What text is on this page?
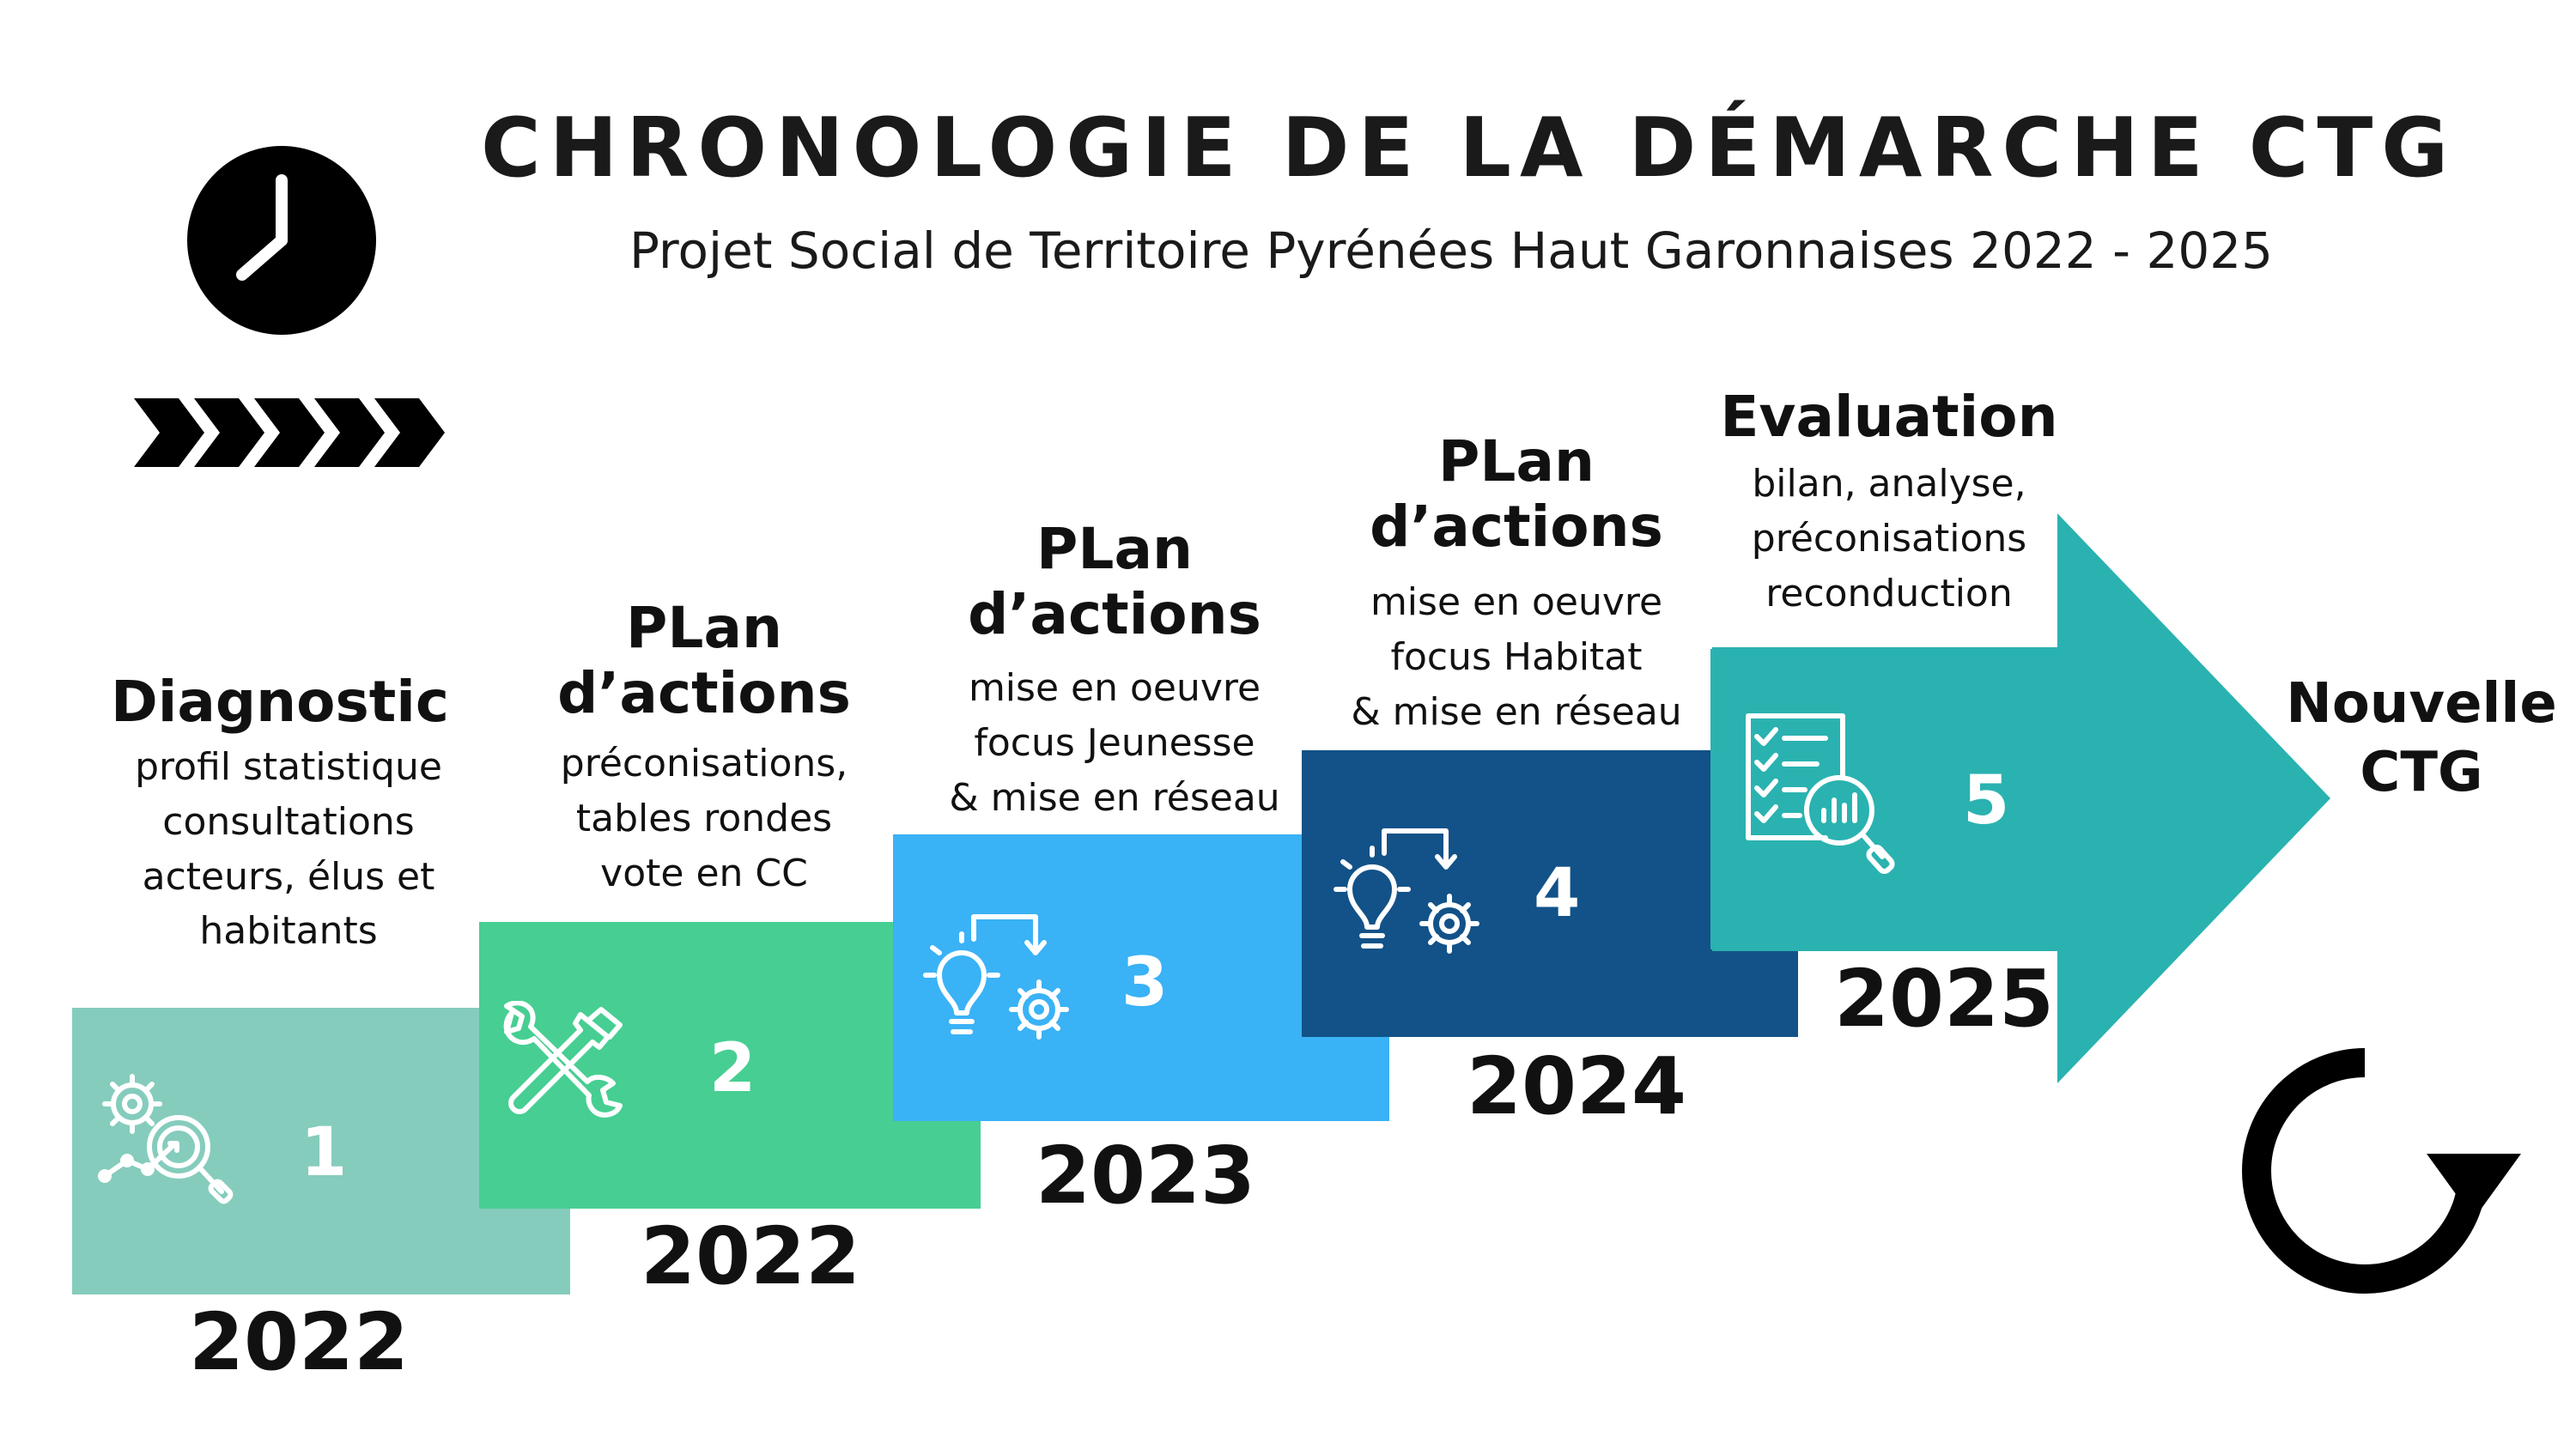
CHRONOLOGIE DE LA DÉMARCHE CTG
Projet Social de Territoire Pyrénées Haut Garonnaises 2022 - 2025
Diagnostic
profil statistique
consultations
acteurs, élus et
habitants
1
2022
PLan
d’actions
préconisations,
tables rondes
vote en CC
2
2022
PLan
d’actions
mise en oeuvre
focus Jeunesse
& mise en réseau
3
2023
PLan
d’actions
mise en oeuvre
focus Habitat
& mise en réseau
4
2024
Evaluation
bilan, analyse,
préconisations
reconduction
5
2025
Nouvelle
CTG
